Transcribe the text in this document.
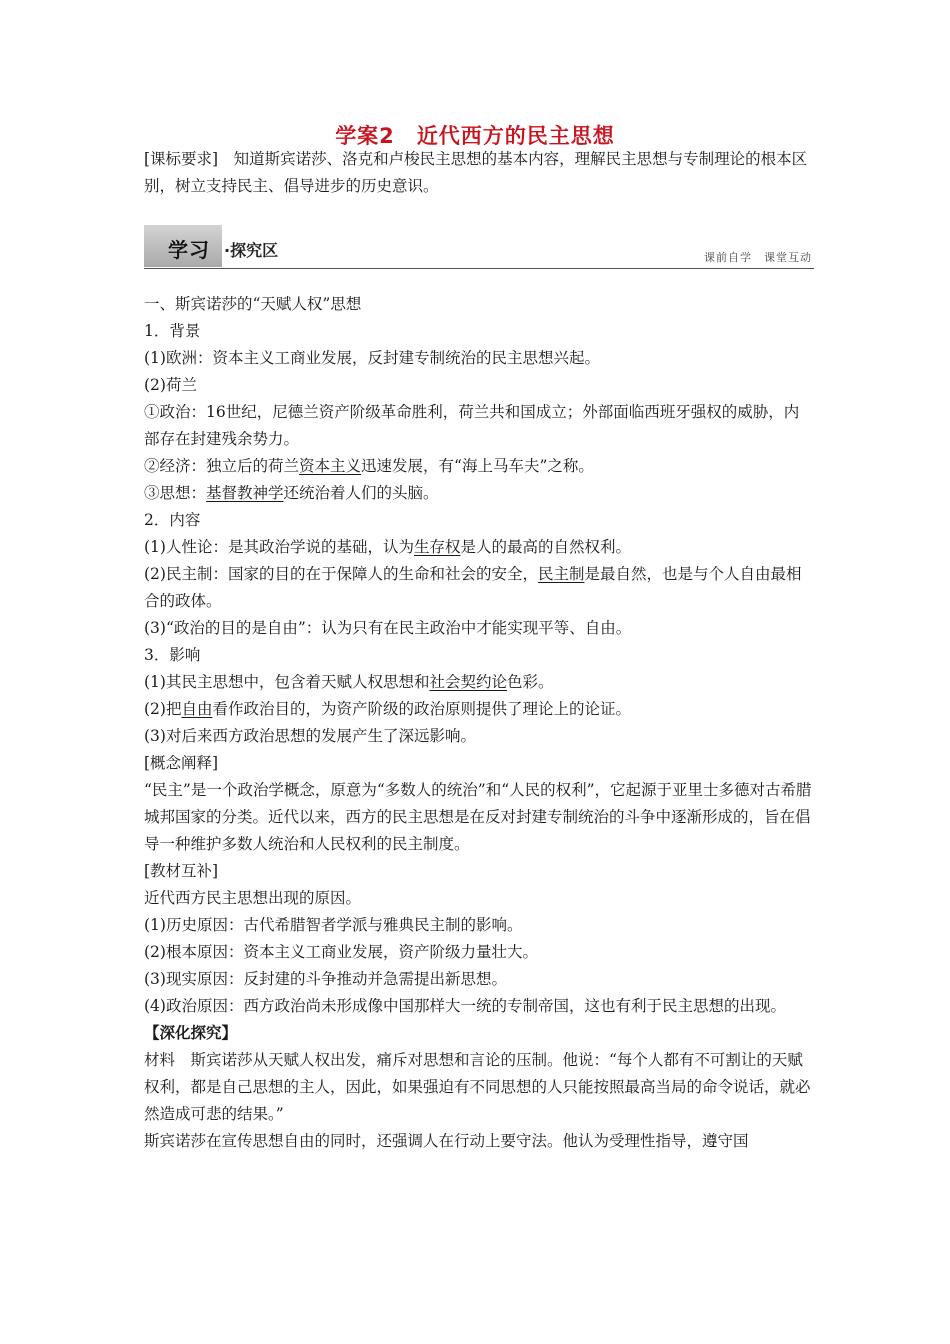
学案2 近代西方的民主思想
[课标要求]　知道斯宾诺莎、洛克和卢梭民主思想的基本内容，理解民主思想与专制理论的根本区别，树立支持民主、倡导进步的历史意识。
学习 ·探究区	课前自学　课堂互动

一、斯宾诺莎的“天赋人权”思想

1．背景

(1)欧洲：资本主义工商业发展，反封建专制统治的民主思想兴起。

(2)荷兰

①政治：16世纪，尼德兰资产阶级革命胜利，荷兰共和国成立；外部面临西班牙强权的威胁，内部存在封建残余势力。

②经济：独立后的荷兰资本主义迅速发展，有“海上马车夫”之称。

③思想：基督教神学还统治着人们的头脑。

2．内容

(1)人性论：是其政治学说的基础，认为生存权是人的最高的自然权利。

(2)民主制：国家的目的在于保障人的生命和社会的安全，民主制是最自然，也是与个人自由最相合的政体。

(3)“政治的目的是自由”：认为只有在民主政治中才能实现平等、自由。

3．影响

(1)其民主思想中，包含着天赋人权思想和社会契约论色彩。

(2)把自由看作政治目的，为资产阶级的政治原则提供了理论上的论证。

(3)对后来西方政治思想的发展产生了深远影响。

[概念阐释]

“民主”是一个政治学概念，原意为“多数人的统治”和“人民的权利”，它起源于亚里士多德对古希腊城邦国家的分类。近代以来，西方的民主思想是在反对封建专制统治的斗争中逐渐形成的，旨在倡导一种维护多数人统治和人民权利的民主制度。

[教材互补]

近代西方民主思想出现的原因。

(1)历史原因：古代希腊智者学派与雅典民主制的影响。

(2)根本原因：资本主义工商业发展，资产阶级力量壮大。

(3)现实原因：反封建的斗争推动并急需提出新思想。

(4)政治原因：西方政治尚未形成像中国那样大一统的专制帝国，这也有利于民主思想的出现。

【深化探究】

材料　斯宾诺莎从天赋人权出发，痛斥对思想和言论的压制。他说：“每个人都有不可割让的天赋权利，都是自己思想的主人，因此，如果强迫有不同思想的人只能按照最高当局的命令说话，就必然造成可悲的结果。”

斯宾诺莎在宣传思想自由的同时，还强调人在行动上要守法。他认为受理性指导，遵守国
